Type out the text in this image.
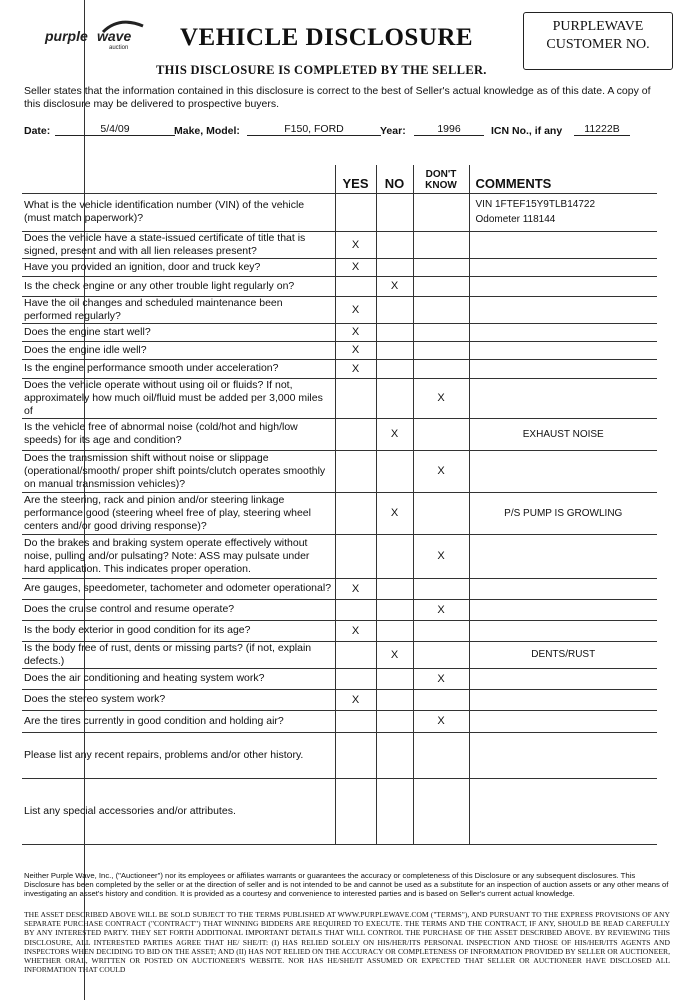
purple wave
auction VEHICLE DISCLOSURE
THIS DISCLOSURE IS COMPLETED BY THE SELLER.
PURPLEWAVE
CUSTOMER NO.
Seller states that the information contained in this disclosure is correct to the best of Seller's actual knowledge as of this date. A copy of this disclosure may be delivered to prospective buyers.
Date:	5/4/09	Make, Model:	F150, FORD	Year:	1996	ICN No., if any	11222B
	YES	NO	DON'T KNOW	COMMENTS
What is the vehicle identification number (VIN) of the vehicle (must match paperwork)?				VIN 1FTEF15Y9TLB14722
Odometer 118144

Does the vehicle have a state-issued certificate of title that is signed, present and with all lien releases present?	X			
Have you provided an ignition, door and truck key?	X			
Is the check engine or any other trouble light regularly on?		X		
Have the oil changes and scheduled maintenance been performed regularly?	X			
Does the engine start well?	X			
Does the engine idle well?	X			
Is the engine performance smooth under acceleration?	X			
Does the vehicle operate without using oil or fluids? If not, approximately how much oil/fluid must be added per 3,000 miles of			X	
Is the vehicle free of abnormal noise (cold/hot and high/low speeds) for its age and condition?		X		EXHAUST NOISE
Does the transmission shift without noise or slippage (operational/smooth/ proper shift points/clutch operates smoothly on manual transmission vehicles)?			X	
Are the steering, rack and pinion and/or steering linkage performance good (steering wheel free of play, steering wheel centers and/or good driving response)?		X		P/S PUMP IS GROWLING
Do the brakes and braking system operate effectively without noise, pulling and/or pulsating? Note: ASS may pulsate under hard application. This indicates proper operation.			X	
Are gauges, speedometer, tachometer and odometer operational?	X			
Does the cruise control and resume operate?			X	
Is the body exterior in good condition for its age?	X			
Is the body free of rust, dents or missing parts? (if not, explain defects.)		X		DENTS/RUST
Does the air conditioning and heating system work?			X	
Does the stereo system work?	X			
Are the tires currently in good condition and holding air?			X	
Please list any recent repairs, problems and/or other history.				
List any special accessories and/or attributes.				
Neither Purple Wave, Inc., ("Auctioneer") nor its employees or affiliates warrants or guarantees the accuracy or completeness of this Disclosure or any subsequent disclosures. This Disclosure has been completed by the seller or at the direction of seller and is not intended to be and cannot be used as a substitute for an inspection of auction assets or any other means of investigating an asset's history and condition. It is provided as a courtesy and convenience to interested parties and is based on Seller's current actual knowledge.
THE ASSET DESCRIBED ABOVE WILL BE SOLD SUBJECT TO THE TERMS PUBLISHED AT WWW.PURPLEWAVE.COM ("TERMS"), AND PURSUANT TO THE EXPRESS PROVISIONS OF ANY SEPARATE PURCHASE CONTRACT ("CONTRACT") THAT WINNING BIDDERS ARE REQUIRED TO EXECUTE. THE TERMS AND THE CONTRACT, IF ANY, SHOULD BE READ CAREFULLY BY ANY INTERESTED PARTY. THEY SET FORTH ADDITIONAL IMPORTANT DETAILS THAT WILL CONTROL THE PURCHASE OF THE ASSET DESCRIBED ABOVE. BY REVIEWING THIS DISCLOSURE, ALL INTERESTED PARTIES AGREE THAT HE/ SHE/IT: (I) HAS RELIED SOLELY ON HIS/HER/ITS PERSONAL INSPECTION AND THOSE OF HIS/HER/ITS AGENTS AND INSPECTORS WHEN DECIDING TO BID ON THE ASSET; AND (II) HAS NOT RELIED ON THE ACCURACY OR COMPLETENESS OF INFORMATION PROVIDED BY SELLER OR AUCTIONEER, WHETHER ORAL, WRITTEN OR POSTED ON AUCTIONEER'S WEBSITE. NOR HAS HE/SHE/IT ASSUMED OR EXPECTED THAT SELLER OR AUCTIONEER HAVE DISCLOSED ALL INFORMATION THAT COULD
